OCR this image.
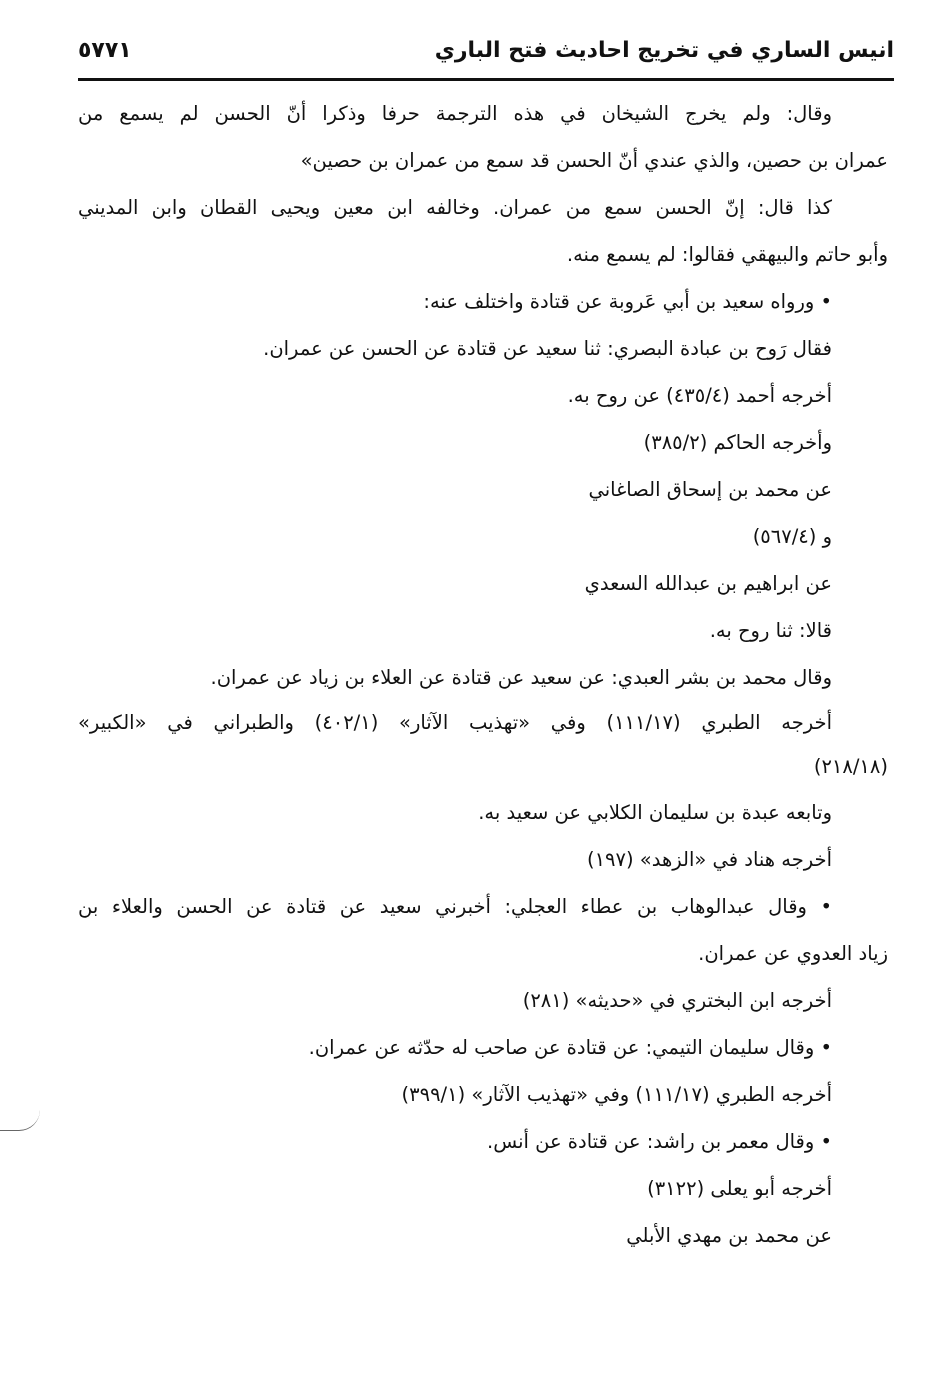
انيس الساري في تخريج احاديث فتح الباري
٥٧٧١
وقال: ولم يخرج الشيخان في هذه الترجمة حرفا وذكرا أنّ الحسن لم يسمع من
عمران بن حصين، والذي عندي أنّ الحسن قد سمع من عمران بن حصين»
كذا قال: إنّ الحسن سمع من عمران. وخالفه ابن معين ويحيى القطان وابن المديني
وأبو حاتم والبيهقي فقالوا: لم يسمع منه.
• ورواه سعيد بن أبي عَروبة عن قتادة واختلف عنه:
فقال رَوح بن عبادة البصري: ثنا سعيد عن قتادة عن الحسن عن عمران.
أخرجه أحمد (٤٣٥/٤) عن روح به.
وأخرجه الحاكم (٣٨٥/٢)
عن محمد بن إسحاق الصاغاني
و (٥٦٧/٤)
عن ابراهيم بن عبدالله السعدي
قالا: ثنا روح به.
وقال محمد بن بشر العبدي: عن سعيد عن قتادة عن العلاء بن زياد عن عمران.
أخرجه الطبري (١١١/١٧) وفي «تهذيب الآثار» (٤٠٢/١) والطبراني في «الكبير»
(٢١٨/١٨)
وتابعه عبدة بن سليمان الكلابي عن سعيد به.
أخرجه هناد في «الزهد» (١٩٧)
• وقال عبدالوهاب بن عطاء العجلي: أخبرني سعيد عن قتادة عن الحسن والعلاء بن
زياد العدوي عن عمران.
أخرجه ابن البختري في «حديثه» (٢٨١)
• وقال سليمان التيمي: عن قتادة عن صاحب له حدّثه عن عمران.
أخرجه الطبري (١١١/١٧) وفي «تهذيب الآثار» (٣٩٩/١)
• وقال معمر بن راشد: عن قتادة عن أنس.
أخرجه أبو يعلى (٣١٢٢)
عن محمد بن مهدي الأبلي
